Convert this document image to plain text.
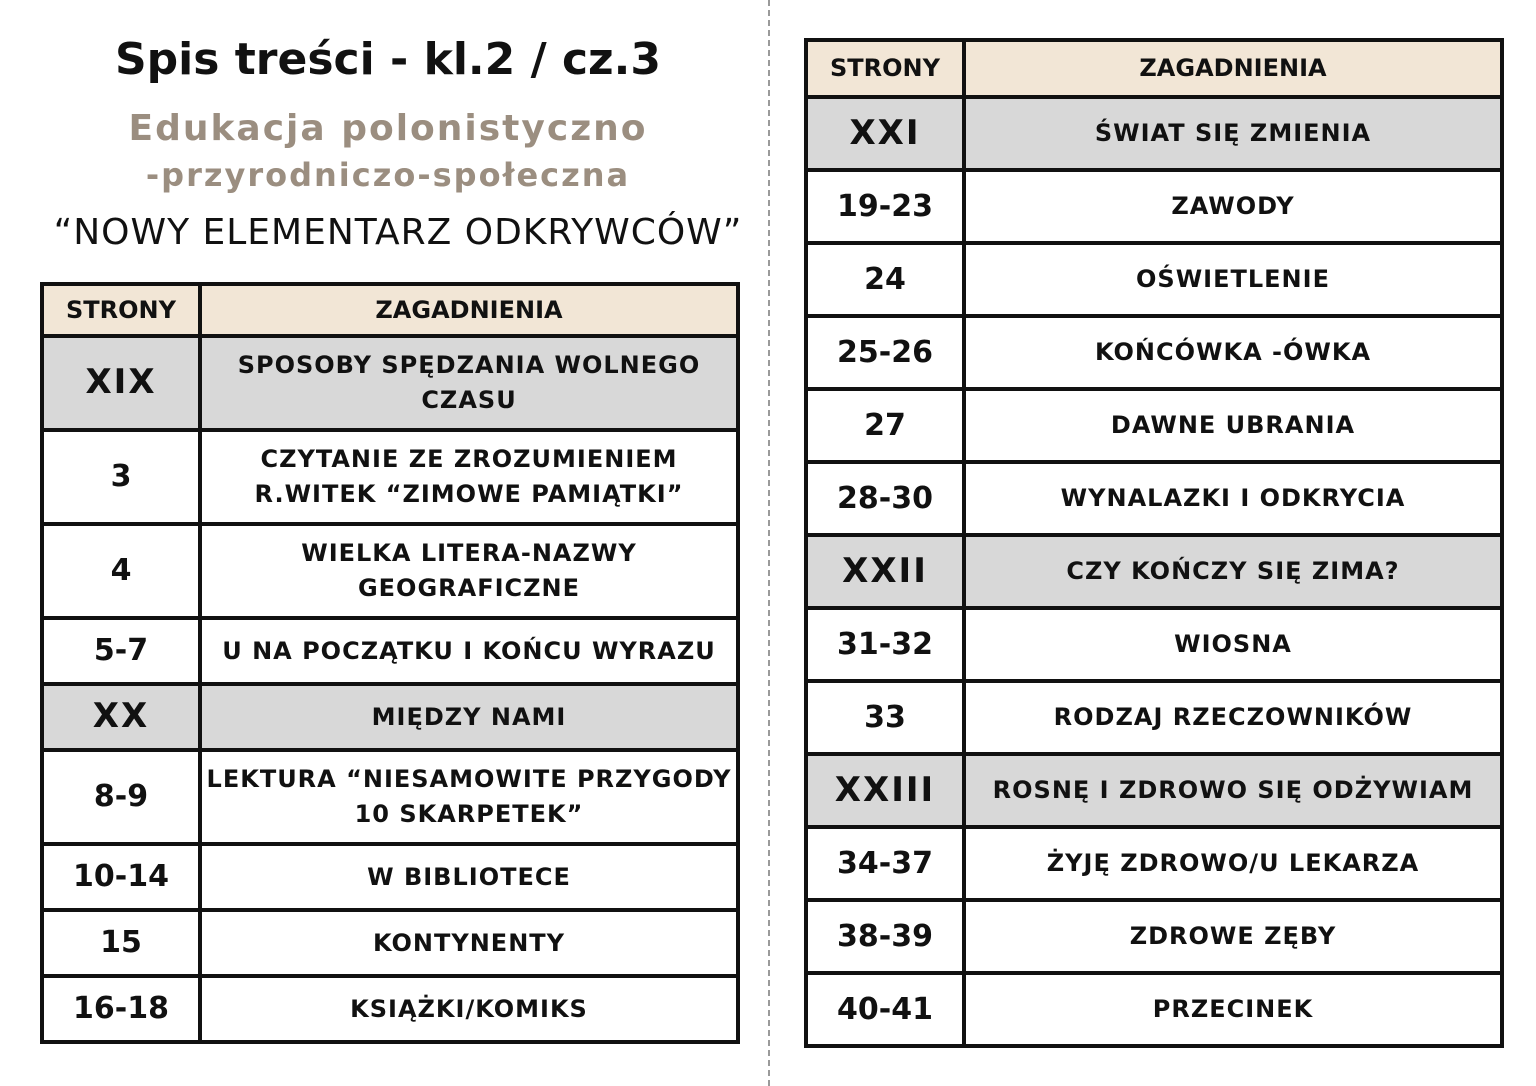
Spis treści - kl.2 / cz.3
Edukacja polonistyczno
-przyrodniczo-społeczna
“NOWY ELEMENTARZ ODKRYWCÓW”
STRONY	ZAGADNIENIA
XIX	SPOSOBY SPĘDZANIA WOLNEGO CZASU
3	CZYTANIE ZE ZROZUMIENIEM R.WITEK “ZIMOWE PAMIĄTKI”
4	WIELKA LITERA-NAZWY GEOGRAFICZNE
5-7	U NA POCZĄTKU I KOŃCU WYRAZU
XX	MIĘDZY NAMI
8-9	LEKTURA “NIESAMOWITE PRZYGODY 10 SKARPETEK”
10-14	W BIBLIOTECE
15	KONTYNENTY
16-18	KSIĄŻKI/KOMIKS
STRONY	ZAGADNIENIA
XXI	ŚWIAT SIĘ ZMIENIA
19-23	ZAWODY
24	OŚWIETLENIE
25-26	KOŃCÓWKA -ÓWKA
27	DAWNE UBRANIA
28-30	WYNALAZKI I ODKRYCIA
XXII	CZY KOŃCZY SIĘ ZIMA?
31-32	WIOSNA
33	RODZAJ RZECZOWNIKÓW
XXIII	ROSNĘ I ZDROWO SIĘ ODŻYWIAM
34-37	ŻYJĘ ZDROWO/U LEKARZA
38-39	ZDROWE ZĘBY
40-41	PRZECINEK
